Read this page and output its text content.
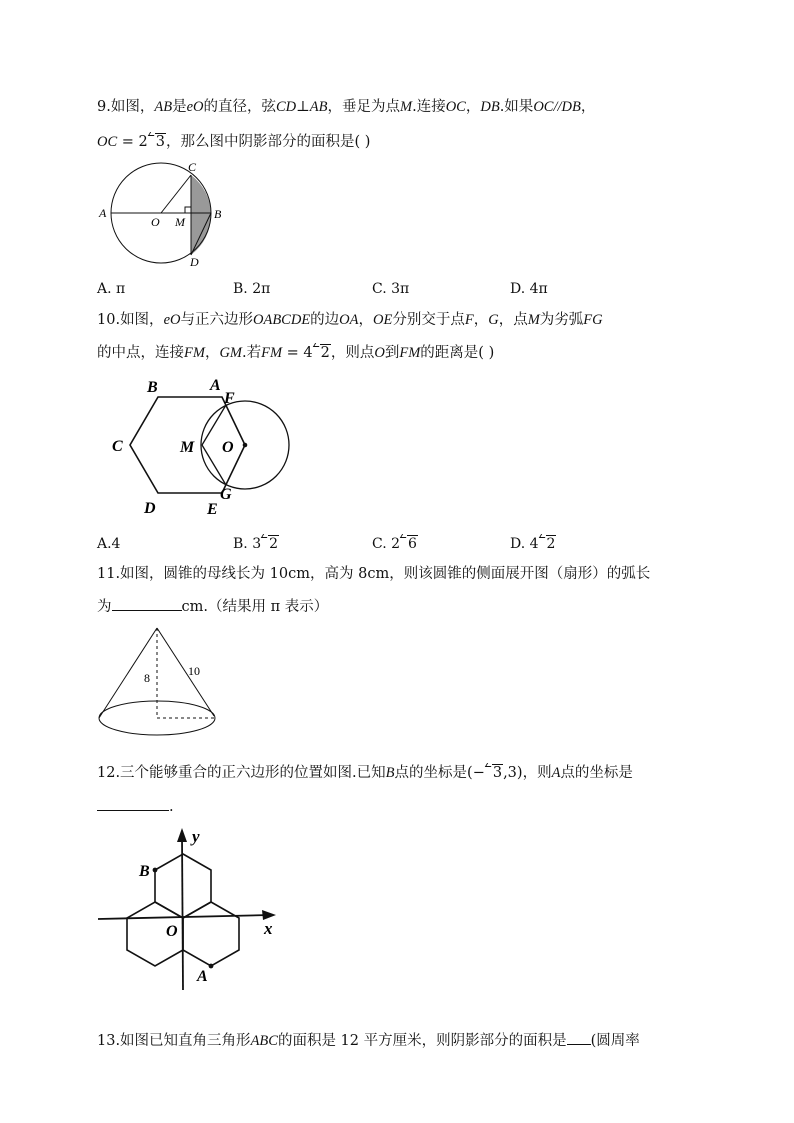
9.如图，AB是eO的直径，弦CD⊥AB，垂足为点M.连接OC，DB.如果OC//DB，
OC = 2 3，那么图中阴影部分的面积是( )
A	B
C
D
O M
A. π	B. 2π	C. 3π	D. 4π
10.如图，eO与正六边形OABCDE的边OA，OE分别交于点F，G，点M为劣弧FG
的中点，连接FM，GM.若FM = 4 2，则点O到FM的距离是( )
B	A
F
C	M O
G
D	E
A.4	B. 3 2	C. 2 6	D. 4 2
11.如图，圆锥的母线长为 10cm，高为 8cm，则该圆锥的侧面展开图（扇形）的弧长
为	cm.（结果用 π 表示）
8	10
12.三个能够重合的正六边形的位置如图.已知B点的坐标是(− 3,3)，则A点的坐标是
.
y
x
B
O
A
13.如图已知直角三角形ABC的面积是 12 平方厘米，则阴影部分的面积是 (圆周率
